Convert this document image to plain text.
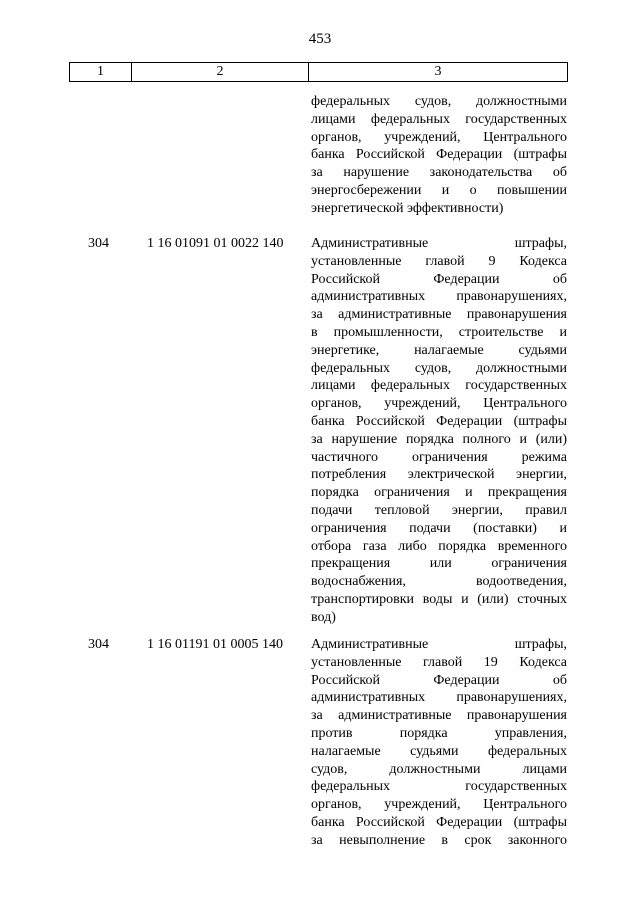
453
1	2	3
федеральных судов, должностными
лицами федеральных государственных
органов, учреждений, Центрального
банка Российской Федерации (штрафы
за нарушение законодательства об
энергосбережении и о повышении
энергетической эффективности)
304	1 16 01091 01 0022 140 Административные штрафы,
установленные главой 9 Кодекса
Российской Федерации об
административных правонарушениях,
за административные правонарушения
в промышленности, строительстве и
энергетике, налагаемые судьями
федеральных судов, должностными
лицами федеральных государственных
органов, учреждений, Центрального
банка Российской Федерации (штрафы
за нарушение порядка полного и (или)
частичного ограничения режима
потребления электрической энергии,
порядка ограничения и прекращения
подачи тепловой энергии, правил
ограничения подачи (поставки) и
отбора газа либо порядка временного
прекращения или ограничения
водоснабжения, водоотведения,
транспортировки воды и (или) сточных
вод)
304	1 16 01191 01 0005 140 Административные штрафы,
установленные главой 19 Кодекса
Российской Федерации об
административных правонарушениях,
за административные правонарушения
против порядка управления,
налагаемые судьями федеральных
судов, должностными лицами
федеральных государственных
органов, учреждений, Центрального
банка Российской Федерации (штрафы
за невыполнение в срок законного
